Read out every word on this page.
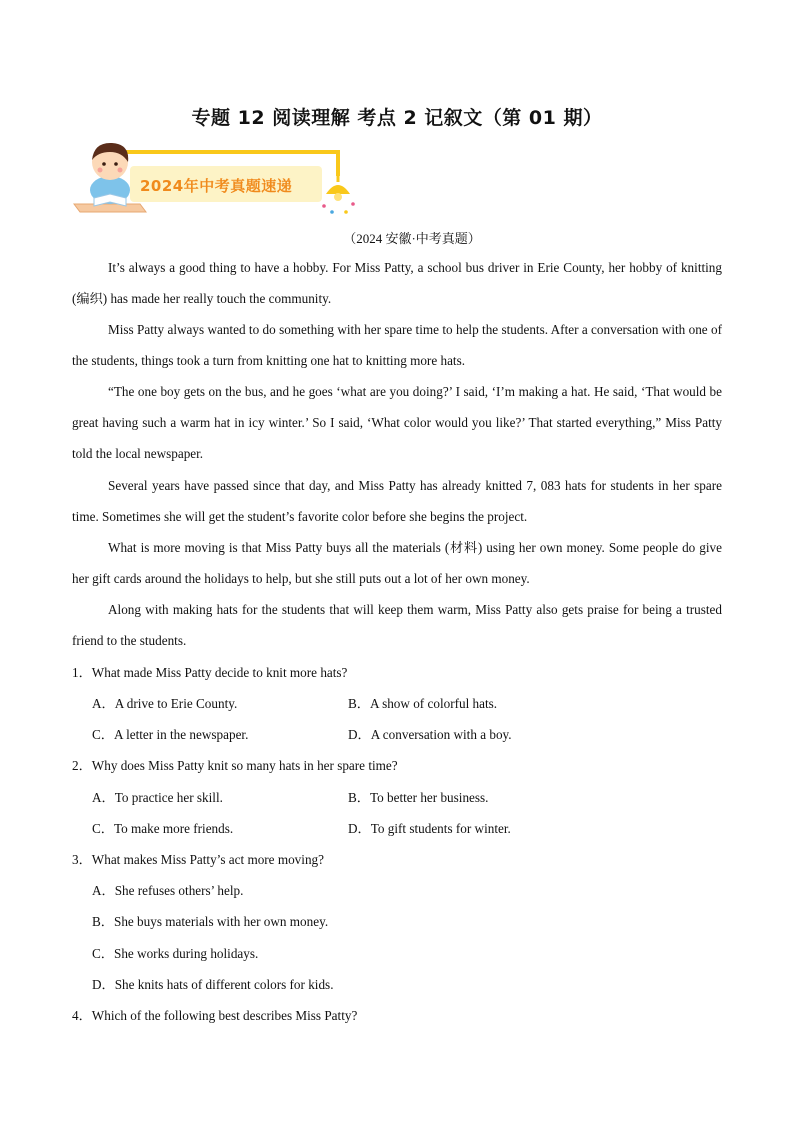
专题 12 阅读理解 考点 2 记叙文（第 01 期）
2024年中考真题速递
（2024 安徽·中考真题）

It’s always a good thing to have a hobby. For Miss Patty, a school bus driver in Erie County, her hobby of knitting (编织) has made her really touch the community.

Miss Patty always wanted to do something with her spare time to help the students. After a conversation with one of the students, things took a turn from knitting one hat to knitting more hats.

“The one boy gets on the bus, and he goes ‘what are you doing?’ I said, ‘I’m making a hat. He said, ‘That would be great having such a warm hat in icy winter.’ So I said, ‘What color would you like?’ That started everything,” Miss Patty told the local newspaper.

Several years have passed since that day, and Miss Patty has already knitted 7, 083 hats for students in her spare time. Sometimes she will get the student’s favorite color before she begins the project.

What is more moving is that Miss Patty buys all the materials (材料) using her own money. Some people do give her gift cards around the holidays to help, but she still puts out a lot of her own money.

Along with making hats for the students that will keep them warm, Miss Patty also gets praise for being a trusted friend to the students.

1．What made Miss Patty decide to knit more hats?
A．A drive to Erie County.	B．A show of colorful hats.
C．A letter in the newspaper.	D．A conversation with a boy.
2．Why does Miss Patty knit so many hats in her spare time?
A．To practice her skill.	B．To better her business.
C．To make more friends.	D．To gift students for winter.
3．What makes Miss Patty’s act more moving?
A．She refuses others’ help.
B．She buys materials with her own money.
C．She works during holidays.
D．She knits hats of different colors for kids.
4．Which of the following best describes Miss Patty?
